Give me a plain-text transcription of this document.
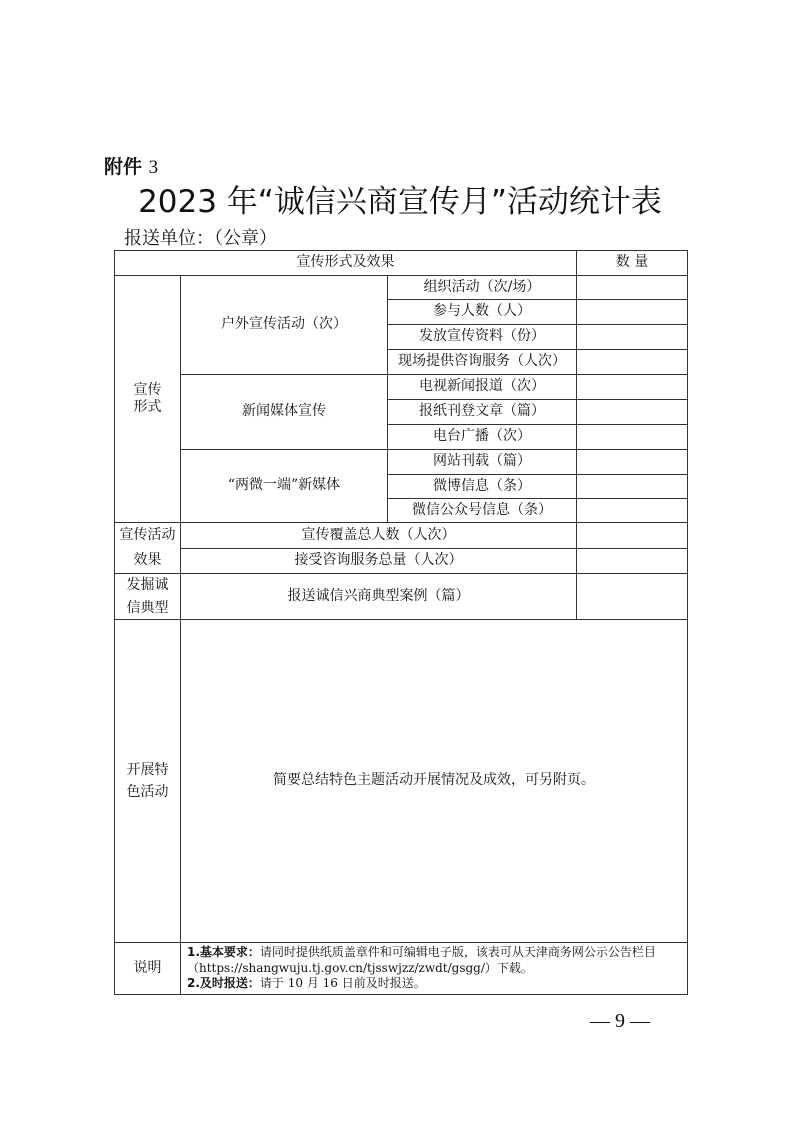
附件 3
2023 年“诚信兴商宣传月”活动统计表
报送单位：（公章）
宣传形式及效果			数 量

宣传形式	户外宣传活动（次）	组织活动（次/场）	
		参与人数（人）	
		发放宣传资料（份）	
		现场提供咨询服务（人次）	
	新闻媒体宣传	电视新闻报道（次）	
		报纸刊登文章（篇）	
		电台广播（次）	
	“两微一端”新媒体	网站刊载（篇）	
		微博信息（条）	
		微信公众号信息（条）	

宣传活动效果	宣传覆盖总人数（人次）		
	接受咨询服务总量（人次）		

发掘诚信典型	报送诚信兴商典型案例（篇）		

开展特色活动	简要总结特色主题活动开展情况及成效，可另附页。		
说明	1.基本要求：请同时提供纸质盖章件和可编辑电子版，该表可从天津商务网公示公告栏目（https://shangwuju.tj.gov.cn/tjsswjzz/zwdt/gsgg/）下载。
2.及时报送：请于 10 月 16 日前及时报送。		
— 9 —
